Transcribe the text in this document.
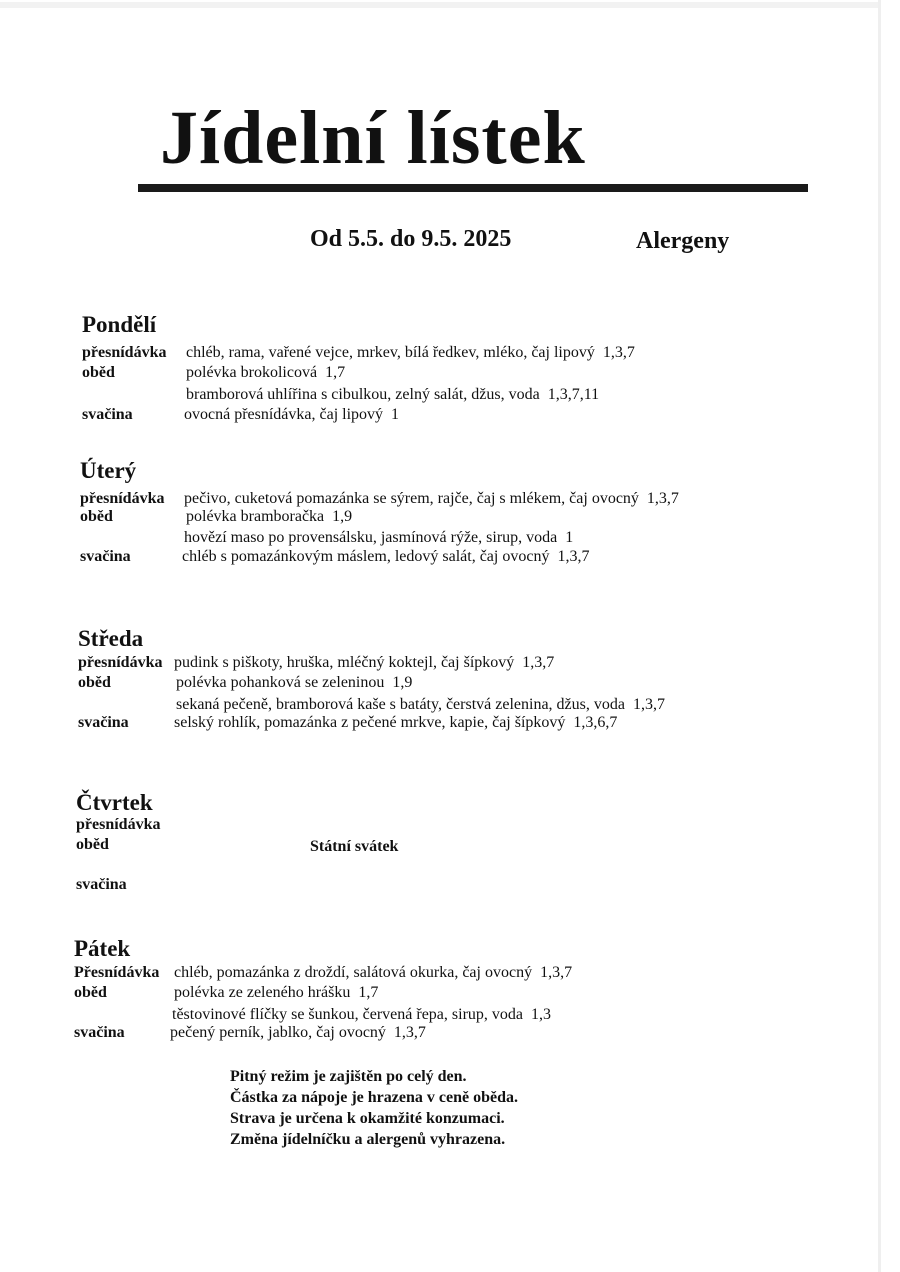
Jídelní lístek
Od 5.5. do 9.5. 2025	Alergeny
Pondělí
přesnídávka chléb, rama, vařené vejce, mrkev, bílá ředkev, mléko, čaj lipový 1,3,7
oběd	polévka brokolicová 1,7
bramborová uhlířina s cibulkou, zelný salát, džus, voda 1,3,7,11
svačina	ovocná přesnídávka, čaj lipový 1
Úterý
přesnídávka pečivo, cuketová pomazánka se sýrem, rajče, čaj s mlékem, čaj ovocný 1,3,7
oběd	polévka bramboračka 1,9
hovězí maso po provensálsku, jasmínová rýže, sirup, voda 1
svačina	chléb s pomazánkovým máslem, ledový salát, čaj ovocný 1,3,7
Středa
přesnídávka pudink s piškoty, hruška, mléčný koktejl, čaj šípkový 1,3,7
oběd	polévka pohanková se zeleninou 1,9
sekaná pečeně, bramborová kaše s batáty, čerstvá zelenina, džus, voda 1,3,7
svačina	selský rohlík, pomazánka z pečené mrkve, kapie, čaj šípkový 1,3,6,7
Čtvrtek
přesnídávka
oběd
svačina
Státní svátek
Pátek
Přesnídávka chléb, pomazánka z droždí, salátová okurka, čaj ovocný 1,3,7
oběd	polévka ze zeleného hrášku 1,7
těstovinové flíčky se šunkou, červená řepa, sirup, voda 1,3
svačina	pečený perník, jablko, čaj ovocný 1,3,7
Pitný režim je zajištěn po celý den.
Částka za nápoje je hrazena v ceně oběda.
Strava je určena k okamžité konzumaci.
Změna jídelníčku a alergenů vyhrazena.
